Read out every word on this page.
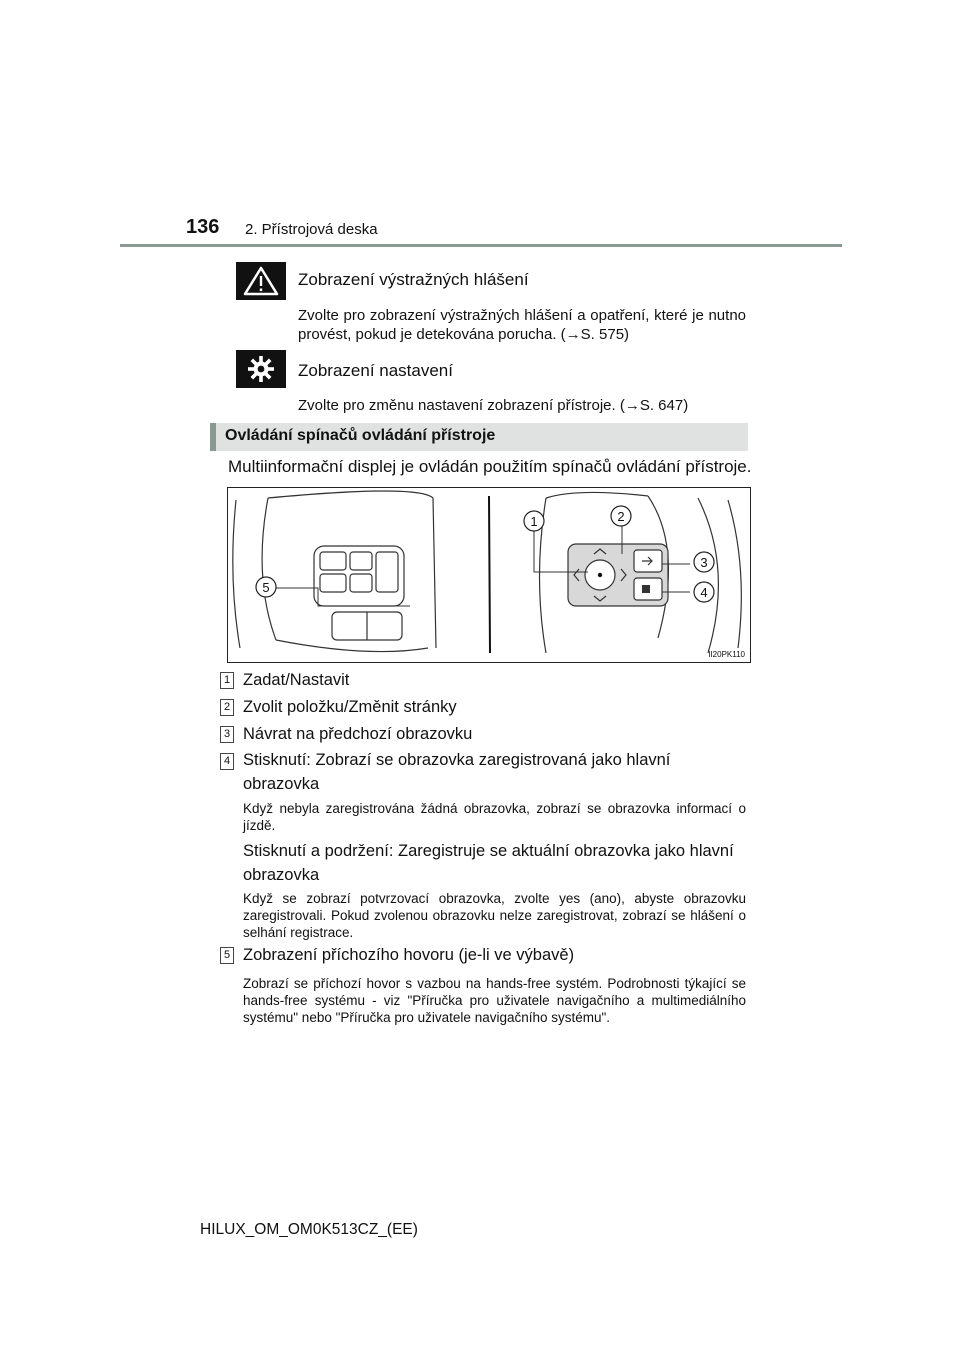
136 2. Přístrojová deska
Zobrazení výstražných hlášení
Zvolte pro zobrazení výstražných hlášení a opatření, které je nutno provést, pokud je detekována porucha. (→S. 575)
Zobrazení nastavení
Zvolte pro změnu nastavení zobrazení přístroje. (→S. 647)
Ovládání spínačů ovládání přístroje
Multiinformační displej je ovládán použitím spínačů ovládání přístroje.
1	2
3
4
5
II20PK110
1 Zadat/Nastavit
2 Zvolit položku/Změnit stránky
3 Návrat na předchozí obrazovku
4 Stisknutí: Zobrazí se obrazovka zaregistrovaná jako hlavní obrazovka
Když nebyla zaregistrována žádná obrazovka, zobrazí se obrazovka informací o jízdě.
Stisknutí a podržení: Zaregistruje se aktuální obrazovka jako hlavní obrazovka
Když se zobrazí potvrzovací obrazovka, zvolte yes (ano), abyste obrazovku zaregistrovali. Pokud zvolenou obrazovku nelze zaregistrovat, zobrazí se hlášení o selhání registrace.
5 Zobrazení příchozího hovoru (je-li ve výbavě)
Zobrazí se příchozí hovor s vazbou na hands-free systém. Podrobnosti týkající se hands-free systému - viz "Příručka pro uživatele navigačního a multimediálního systému" nebo "Příručka pro uživatele navigačního systému".
HILUX_OM_OM0K513CZ_(EE)
